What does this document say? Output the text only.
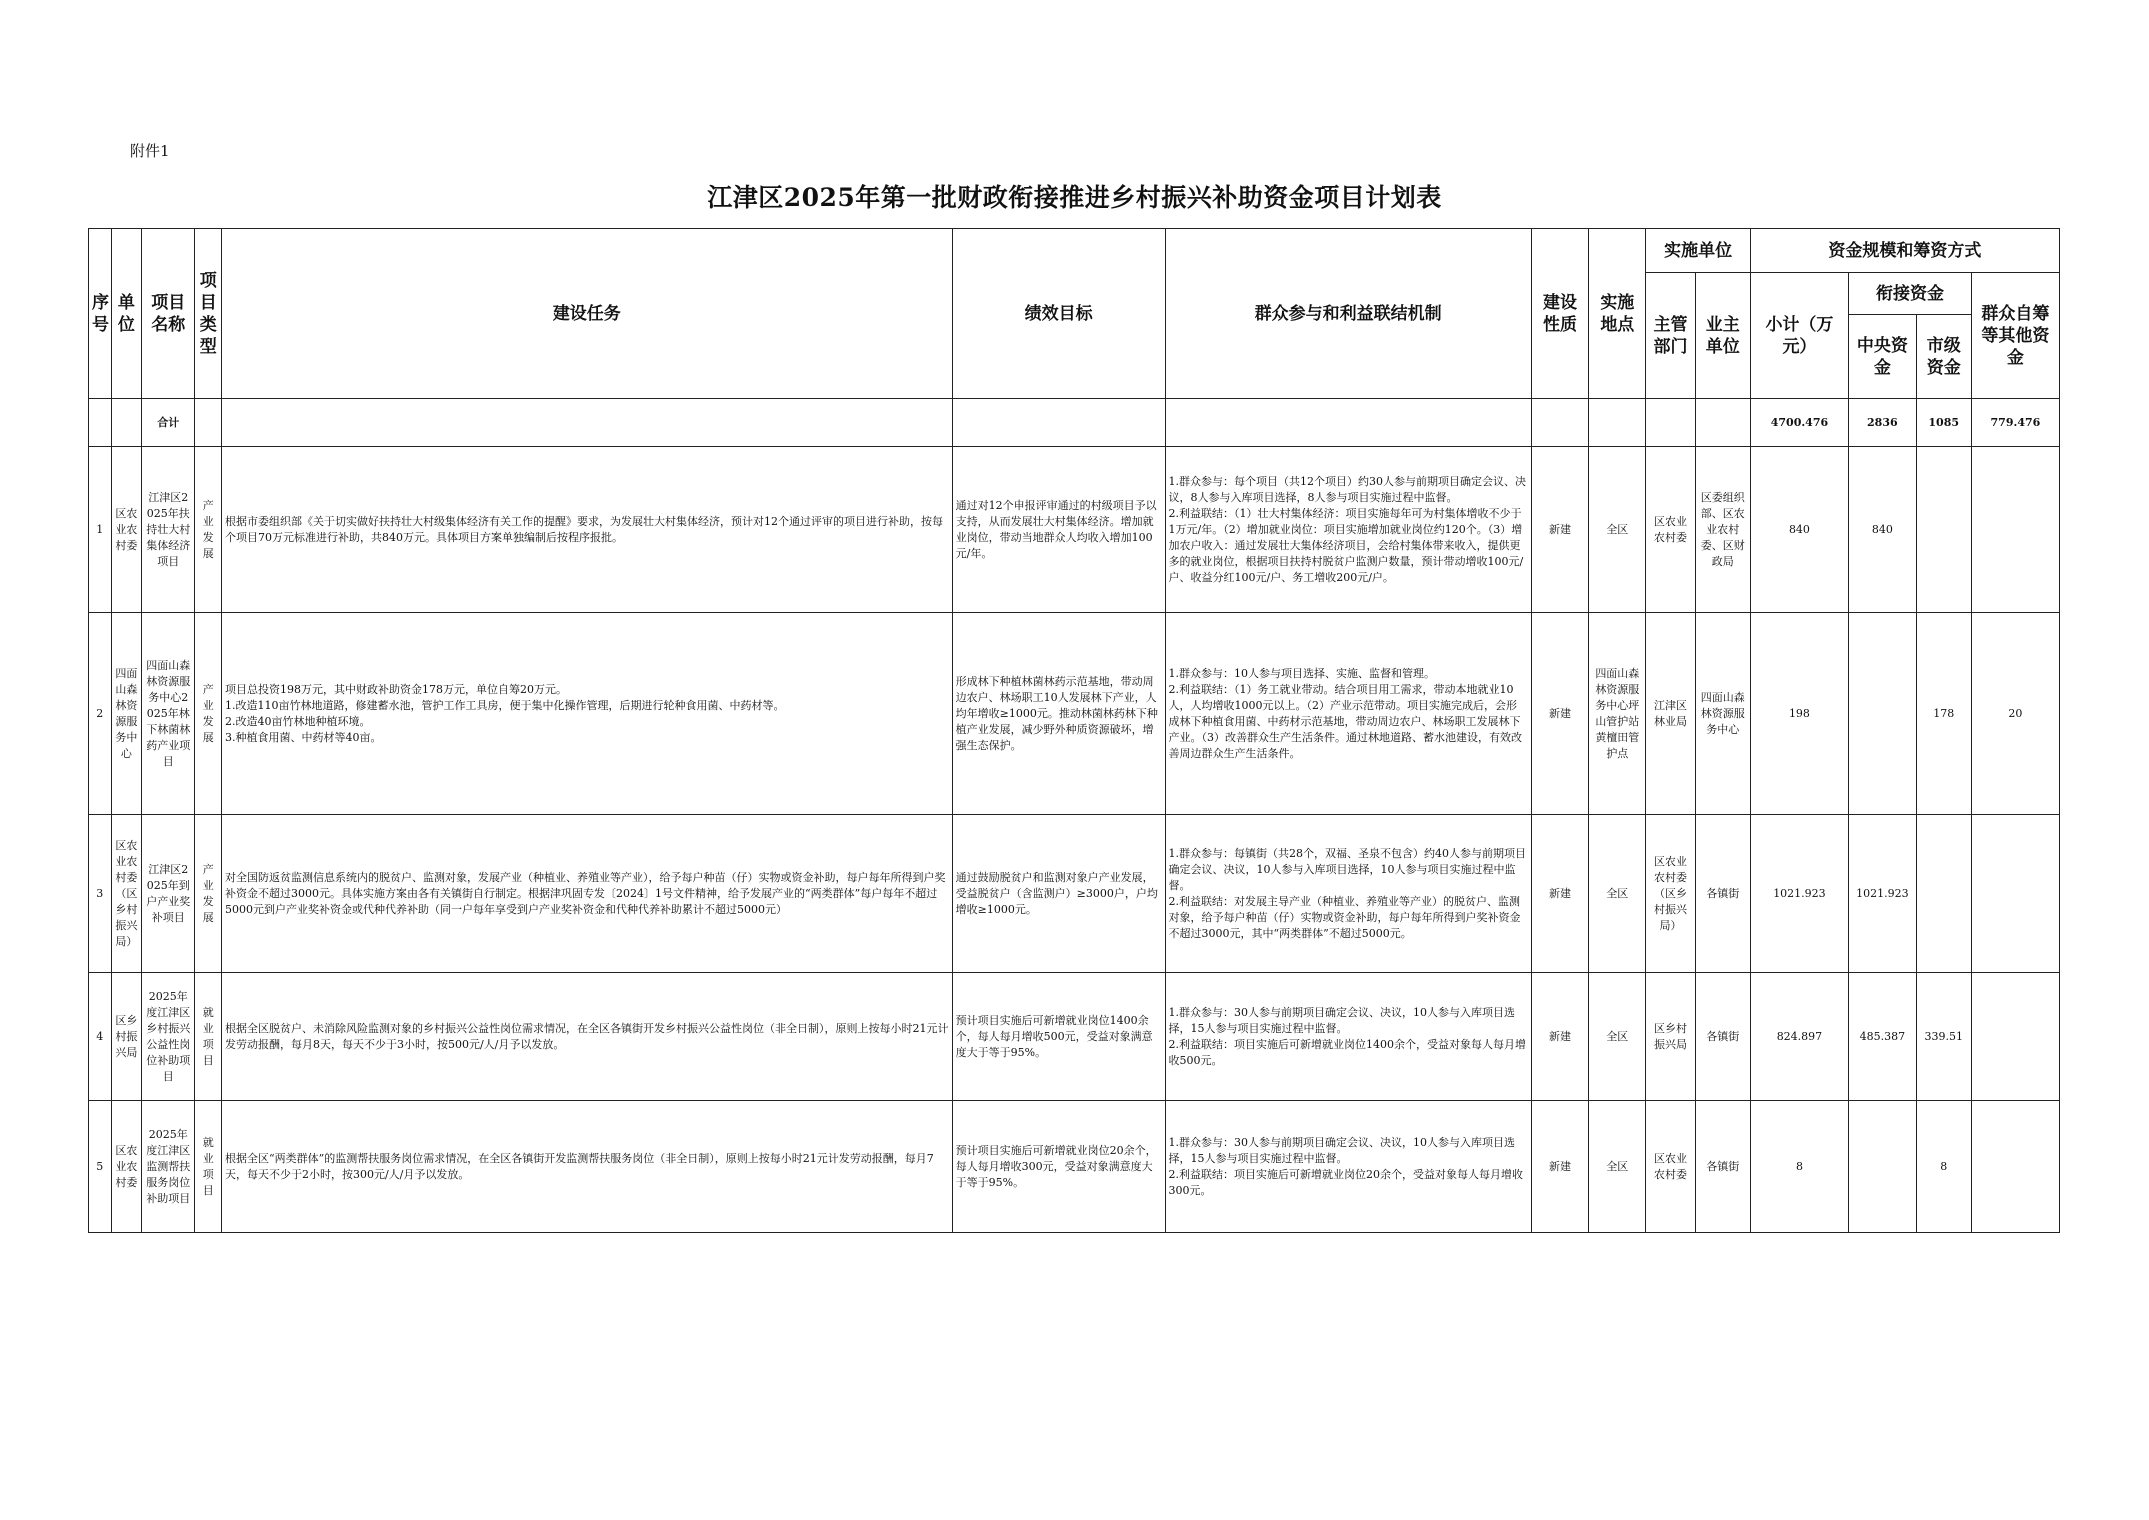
附件1
江津区2025年第一批财政衔接推进乡村振兴补助资金项目计划表
序号	单位	项目名称	项目类型	建设任务	绩效目标	群众参与和利益联结机制	建设性质	实施地点	实施单位		资金规模和筹资方式			
									主管部门	业主单位	小计（万元）	衔接资金		群众自筹等其他资金
												中央资金	市级资金	
		合计									4700.476	2836	1085	779.476
1	区农业农村委	江津区2025年扶持壮大村集体经济项目	产业发展	根据市委组织部《关于切实做好扶持壮大村级集体经济有关工作的提醒》要求，为发展壮大村集体经济，预计对12个通过评审的项目进行补助，按每个项目70万元标准进行补助，共840万元。具体项目方案单独编制后按程序报批。	通过对12个申报评审通过的村级项目予以支持，从而发展壮大村集体经济。增加就业岗位，带动当地群众人均收入增加100元/年。	1.群众参与：每个项目（共12个项目）约30人参与前期项目确定会议、决议，8人参与入库项目选择，8人参与项目实施过程中监督。
2.利益联结：（1）壮大村集体经济：项目实施每年可为村集体增收不少于1万元/年。（2）增加就业岗位：项目实施增加就业岗位约120个。（3）增加农户收入：通过发展壮大集体经济项目，会给村集体带来收入，提供更多的就业岗位，根据项目扶持村脱贫户监测户数量，预计带动增收100元/户、收益分红100元/户、务工增收200元/户。	新建	全区	区农业农村委	区委组织部、区农业农村委、区财政局	840	840		
2	四面山森林资源服务中心	四面山森林资源服务中心2025年林下林菌林药产业项目	产业发展	项目总投资198万元，其中财政补助资金178万元，单位自筹20万元。
1.改造110亩竹林地道路，修建蓄水池，管护工作工具房，便于集中化操作管理，后期进行轮种食用菌、中药材等。
2.改造40亩竹林地种植环境。
3.种植食用菌、中药材等40亩。	形成林下种植林菌林药示范基地，带动周边农户、林场职工10人发展林下产业，人均年增收≥1000元。推动林菌林药林下种植产业发展，减少野外种质资源破坏，增强生态保护。	1.群众参与：10人参与项目选择、实施、监督和管理。
2.利益联结：（1）务工就业带动。结合项目用工需求，带动本地就业10人，人均增收1000元以上。（2）产业示范带动。项目实施完成后，会形成林下种植食用菌、中药材示范基地，带动周边农户、林场职工发展林下产业。（3）改善群众生产生活条件。通过林地道路、蓄水池建设，有效改善周边群众生产生活条件。	新建	四面山森林资源服务中心坪山管护站黄檀田管护点	江津区林业局	四面山森林资源服务中心	198		178	20
3	区农业农村委（区乡村振兴局）	江津区2025年到户产业奖补项目	产业发展	对全国防返贫监测信息系统内的脱贫户、监测对象，发展产业（种植业、养殖业等产业），给予每户种苗（仔）实物或资金补助，每户每年所得到户奖补资金不超过3000元。具体实施方案由各有关镇街自行制定。根据津巩固专发〔2024〕1号文件精神，给予发展产业的“两类群体”每户每年不超过5000元到户产业奖补资金或代种代养补助（同一户每年享受到户产业奖补资金和代种代养补助累计不超过5000元）	通过鼓励脱贫户和监测对象户产业发展，受益脱贫户（含监测户）≥3000户，户均增收≥1000元。	1.群众参与：每镇街（共28个，双福、圣泉不包含）约40人参与前期项目确定会议、决议，10人参与入库项目选择，10人参与项目实施过程中监督。
2.利益联结：对发展主导产业（种植业、养殖业等产业）的脱贫户、监测对象，给予每户种苗（仔）实物或资金补助，每户每年所得到户奖补资金不超过3000元，其中“两类群体”不超过5000元。	新建	全区	区农业农村委（区乡村振兴局）	各镇街	1021.923	1021.923		
4	区乡村振兴局	2025年度江津区乡村振兴公益性岗位补助项目	就业项目	根据全区脱贫户、未消除风险监测对象的乡村振兴公益性岗位需求情况，在全区各镇街开发乡村振兴公益性岗位（非全日制），原则上按每小时21元计发劳动报酬，每月8天，每天不少于3小时，按500元/人/月予以发放。	预计项目实施后可新增就业岗位1400余个，每人每月增收500元，受益对象满意度大于等于95%。	1.群众参与：30人参与前期项目确定会议、决议，10人参与入库项目选择，15人参与项目实施过程中监督。
2.利益联结：项目实施后可新增就业岗位1400余个，受益对象每人每月增收500元。	新建	全区	区乡村振兴局	各镇街	824.897	485.387	339.51	
5	区农业农村委	2025年度江津区监测帮扶服务岗位补助项目	就业项目	根据全区“两类群体”的监测帮扶服务岗位需求情况，在全区各镇街开发监测帮扶服务岗位（非全日制），原则上按每小时21元计发劳动报酬，每月7天，每天不少于2小时，按300元/人/月予以发放。	预计项目实施后可新增就业岗位20余个，每人每月增收300元，受益对象满意度大于等于95%。	1.群众参与：30人参与前期项目确定会议、决议，10人参与入库项目选择，15人参与项目实施过程中监督。
2.利益联结：项目实施后可新增就业岗位20余个，受益对象每人每月增收300元。	新建	全区	区农业农村委	各镇街	8		8	
